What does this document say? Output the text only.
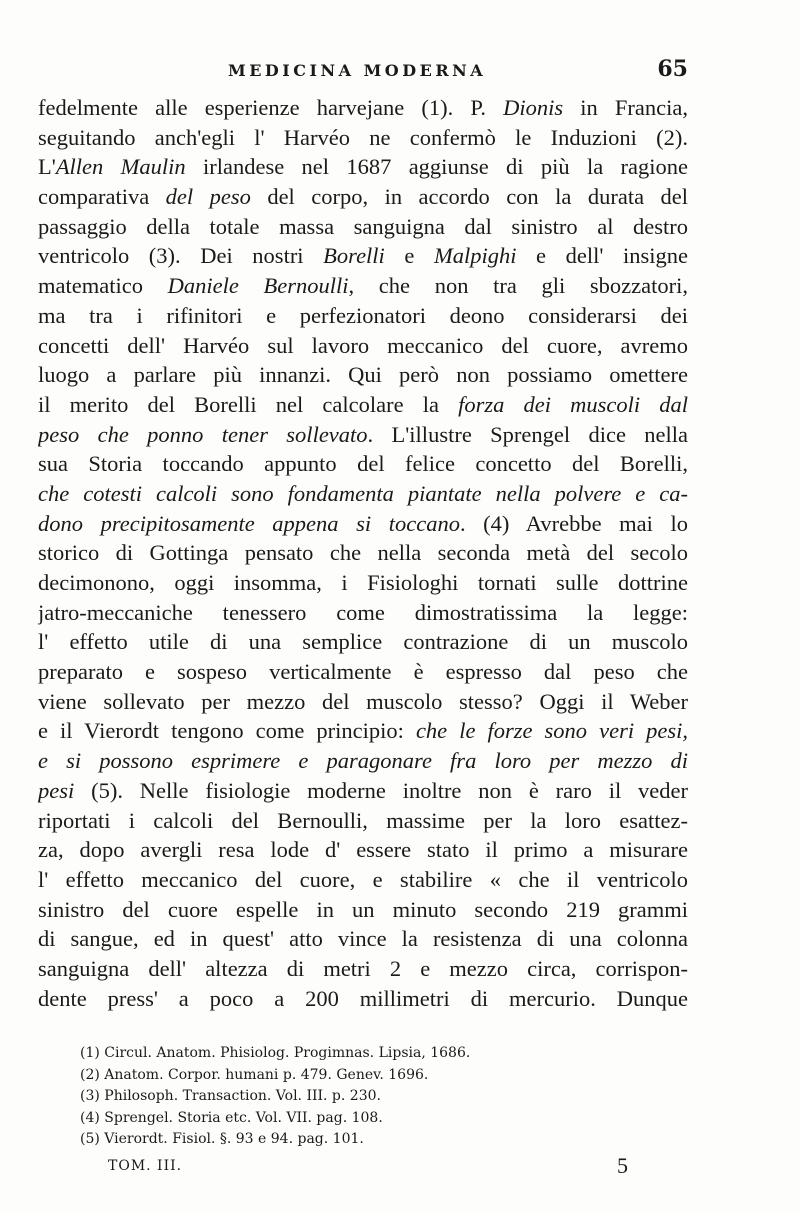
MEDICINA MODERNA	65
fedelmente alle esperienze harvejane (1). P. Dionis in Francia,
seguitando anch'egli l' Harvéo ne confermò le Induzioni (2).
L'Allen Maulin irlandese nel 1687 aggiunse di più la ragione
comparativa del peso del corpo, in accordo con la durata del
passaggio della totale massa sanguigna dal sinistro al destro
ventricolo (3). Dei nostri Borelli e Malpighi e dell' insigne
matematico Daniele Bernoulli, che non tra gli sbozzatori,
ma tra i rifinitori e perfezionatori deono considerarsi dei
concetti dell' Harvéo sul lavoro meccanico del cuore, avremo
luogo a parlare più innanzi. Qui però non possiamo omettere
il merito del Borelli nel calcolare la forza dei muscoli dal
peso che ponno tener sollevato. L'illustre Sprengel dice nella
sua Storia toccando appunto del felice concetto del Borelli,
che cotesti calcoli sono fondamenta piantate nella polvere e ca-
dono precipitosamente appena si toccano. (4) Avrebbe mai lo
storico di Gottinga pensato che nella seconda metà del secolo
decimonono, oggi insomma, i Fisiologhi tornati sulle dottrine
jatro-meccaniche tenessero come dimostratissima la legge:
l' effetto utile di una semplice contrazione di un muscolo
preparato e sospeso verticalmente è espresso dal peso che
viene sollevato per mezzo del muscolo stesso? Oggi il Weber
e il Vierordt tengono come principio: che le forze sono veri pesi,
e si possono esprimere e paragonare fra loro per mezzo di
pesi (5). Nelle fisiologie moderne inoltre non è raro il veder
riportati i calcoli del Bernoulli, massime per la loro esattez-
za, dopo avergli resa lode d' essere stato il primo a misurare
l' effetto meccanico del cuore, e stabilire « che il ventricolo
sinistro del cuore espelle in un minuto secondo 219 grammi
di sangue, ed in quest' atto vince la resistenza di una colonna
sanguigna dell' altezza di metri 2 e mezzo circa, corrispon-
dente press' a poco a 200 millimetri di mercurio. Dunque
(1) Circul. Anatom. Phisiolog. Progimnas. Lipsia, 1686.
(2) Anatom. Corpor. humani p. 479. Genev. 1696.
(3) Philosoph. Transaction. Vol. III. p. 230.
(4) Sprengel. Storia etc. Vol. VII. pag. 108.
(5) Vierordt. Fisiol. §. 93 e 94. pag. 101.
TOM. III.	5
